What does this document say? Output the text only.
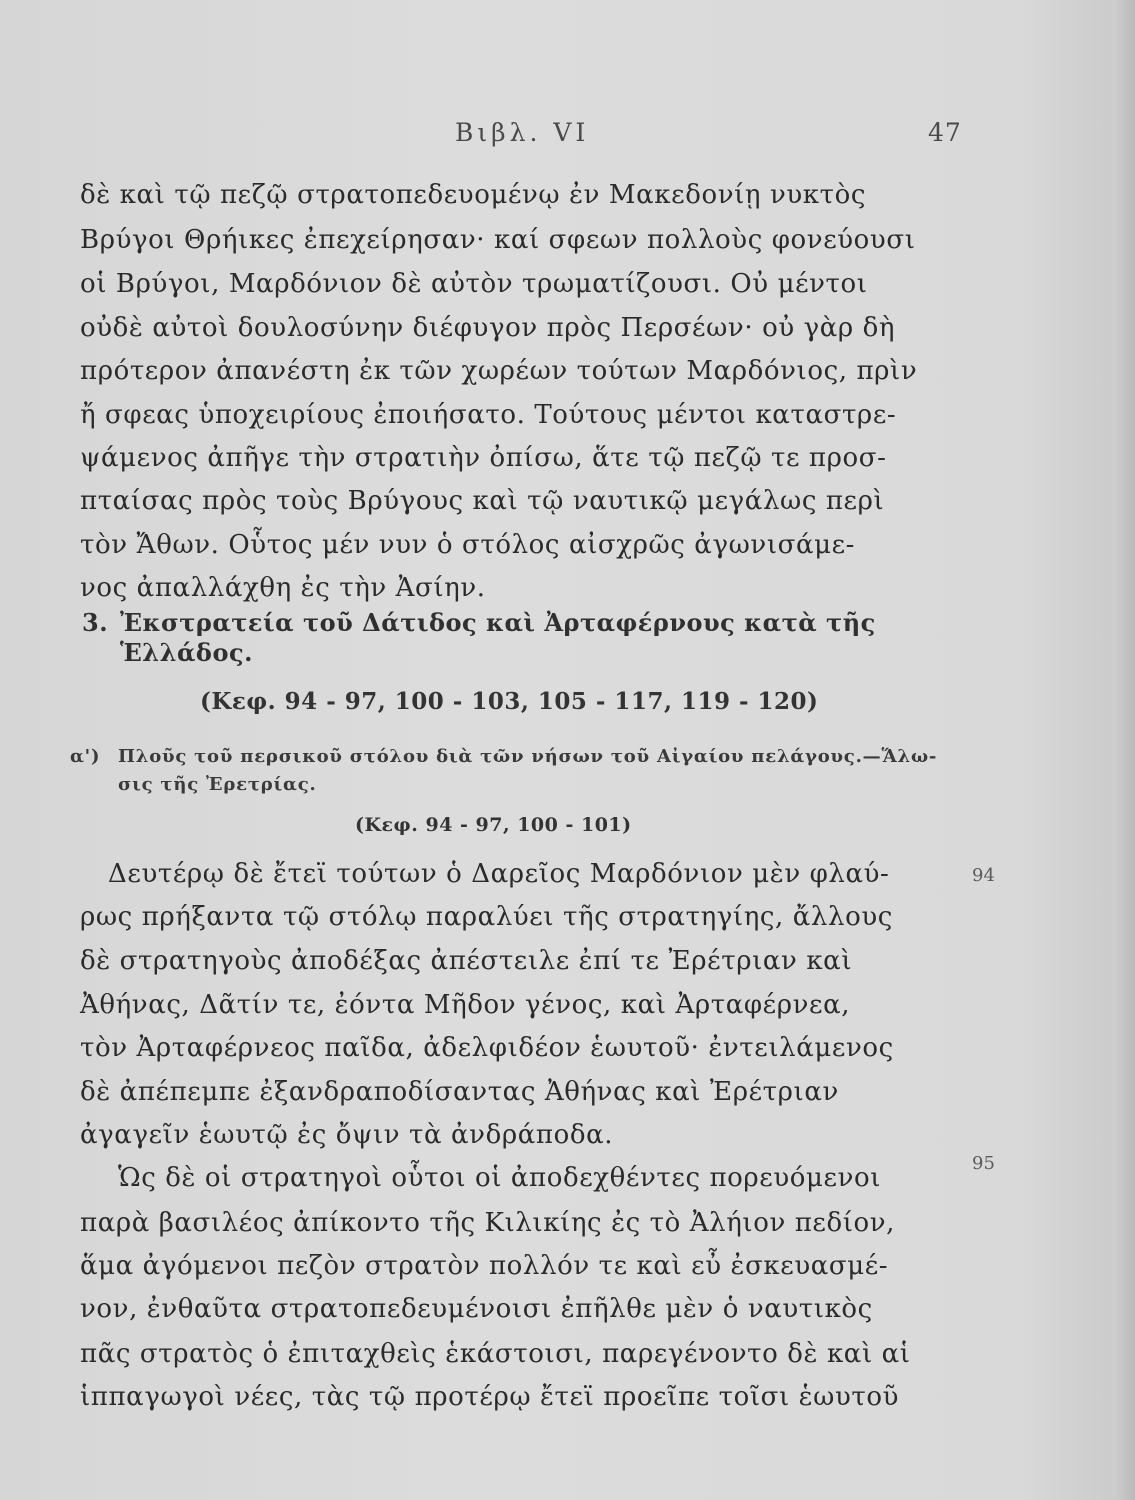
Βιβλ. VI	47
δὲ καὶ τῷ πεζῷ στρατοπεδευομένῳ ἐν Μακεδονίῃ νυκτὸς
Βρύγοι Θρήικες ἐπεχείρησαν· καί σφεων πολλοὺς φονεύουσι
οἱ Βρύγοι, Μαρδόνιον δὲ αὐτὸν τρωματίζουσι. Οὐ μέντοι
οὐδὲ αὐτοὶ δουλοσύνην διέφυγον πρὸς Περσέων· οὐ γὰρ δὴ
πρότερον ἀπανέστη ἐκ τῶν χωρέων τούτων Μαρδόνιος, πρὶν
ἤ σφεας ὑποχειρίους ἐποιήσατο. Τούτους μέντοι καταστρε-
ψάμενος ἀπῆγε τὴν στρατιὴν ὀπίσω, ἅτε τῷ πεζῷ τε προσ-
πταίσας πρὸς τοὺς Βρύγους καὶ τῷ ναυτικῷ μεγάλως περὶ
τὸν Ἄθων. Οὗτος μέν νυν ὁ στόλος αἰσχρῶς ἀγωνισάμε-
νος ἀπαλλάχθη ἐς τὴν Ἀσίην.
3. Ἐκστρατεία τοῦ Δάτιδος καὶ Ἀρταφέρνους κατὰ τῆς
Ἑλλάδος.
(Κεφ. 94 - 97, 100 - 103, 105 - 117, 119 - 120)
α') Πλοῦς τοῦ περσικοῦ στόλου διὰ τῶν νήσων τοῦ Αἰγαίου πελάγους.—Ἅλω-
σις τῆς Ἐρετρίας.
(Κεφ. 94 - 97, 100 - 101)
Δευτέρῳ δὲ ἔτεϊ τούτων ὁ Δαρεῖος Μαρδόνιον μὲν φλαύ-
ρως πρήξαντα τῷ στόλῳ παραλύει τῆς στρατηγίης, ἄλλους
δὲ στρατηγοὺς ἀποδέξας ἀπέστειλε ἐπί τε Ἐρέτριαν καὶ
Ἀθήνας, Δᾶτίν τε, ἐόντα Μῆδον γένος, καὶ Ἀρταφέρνεα,
τὸν Ἀρταφέρνεος παῖδα, ἀδελφιδέον ἑωυτοῦ· ἐντειλάμενος
δὲ ἀπέπεμπε ἐξανδραποδίσαντας Ἀθήνας καὶ Ἐρέτριαν
ἀγαγεῖν ἑωυτῷ ἐς ὄψιν τὰ ἀνδράποδα.
Ὡς δὲ οἱ στρατηγοὶ οὗτοι οἱ ἀποδεχθέντες πορευόμενοι
παρὰ βασιλέος ἀπίκοντο τῆς Κιλικίης ἐς τὸ Ἀλήιον πεδίον,
ἅμα ἀγόμενοι πεζὸν στρατὸν πολλόν τε καὶ εὖ ἐσκευασμέ-
νον, ἐνθαῦτα στρατοπεδευμένοισι ἐπῆλθε μὲν ὁ ναυτικὸς
πᾶς στρατὸς ὁ ἐπιταχθεὶς ἑκάστοισι, παρεγένοντο δὲ καὶ αἱ
ἱππαγωγοὶ νέες, τὰς τῷ προτέρῳ ἔτεϊ προεῖπε τοῖσι ἑωυτοῦ
94
95
